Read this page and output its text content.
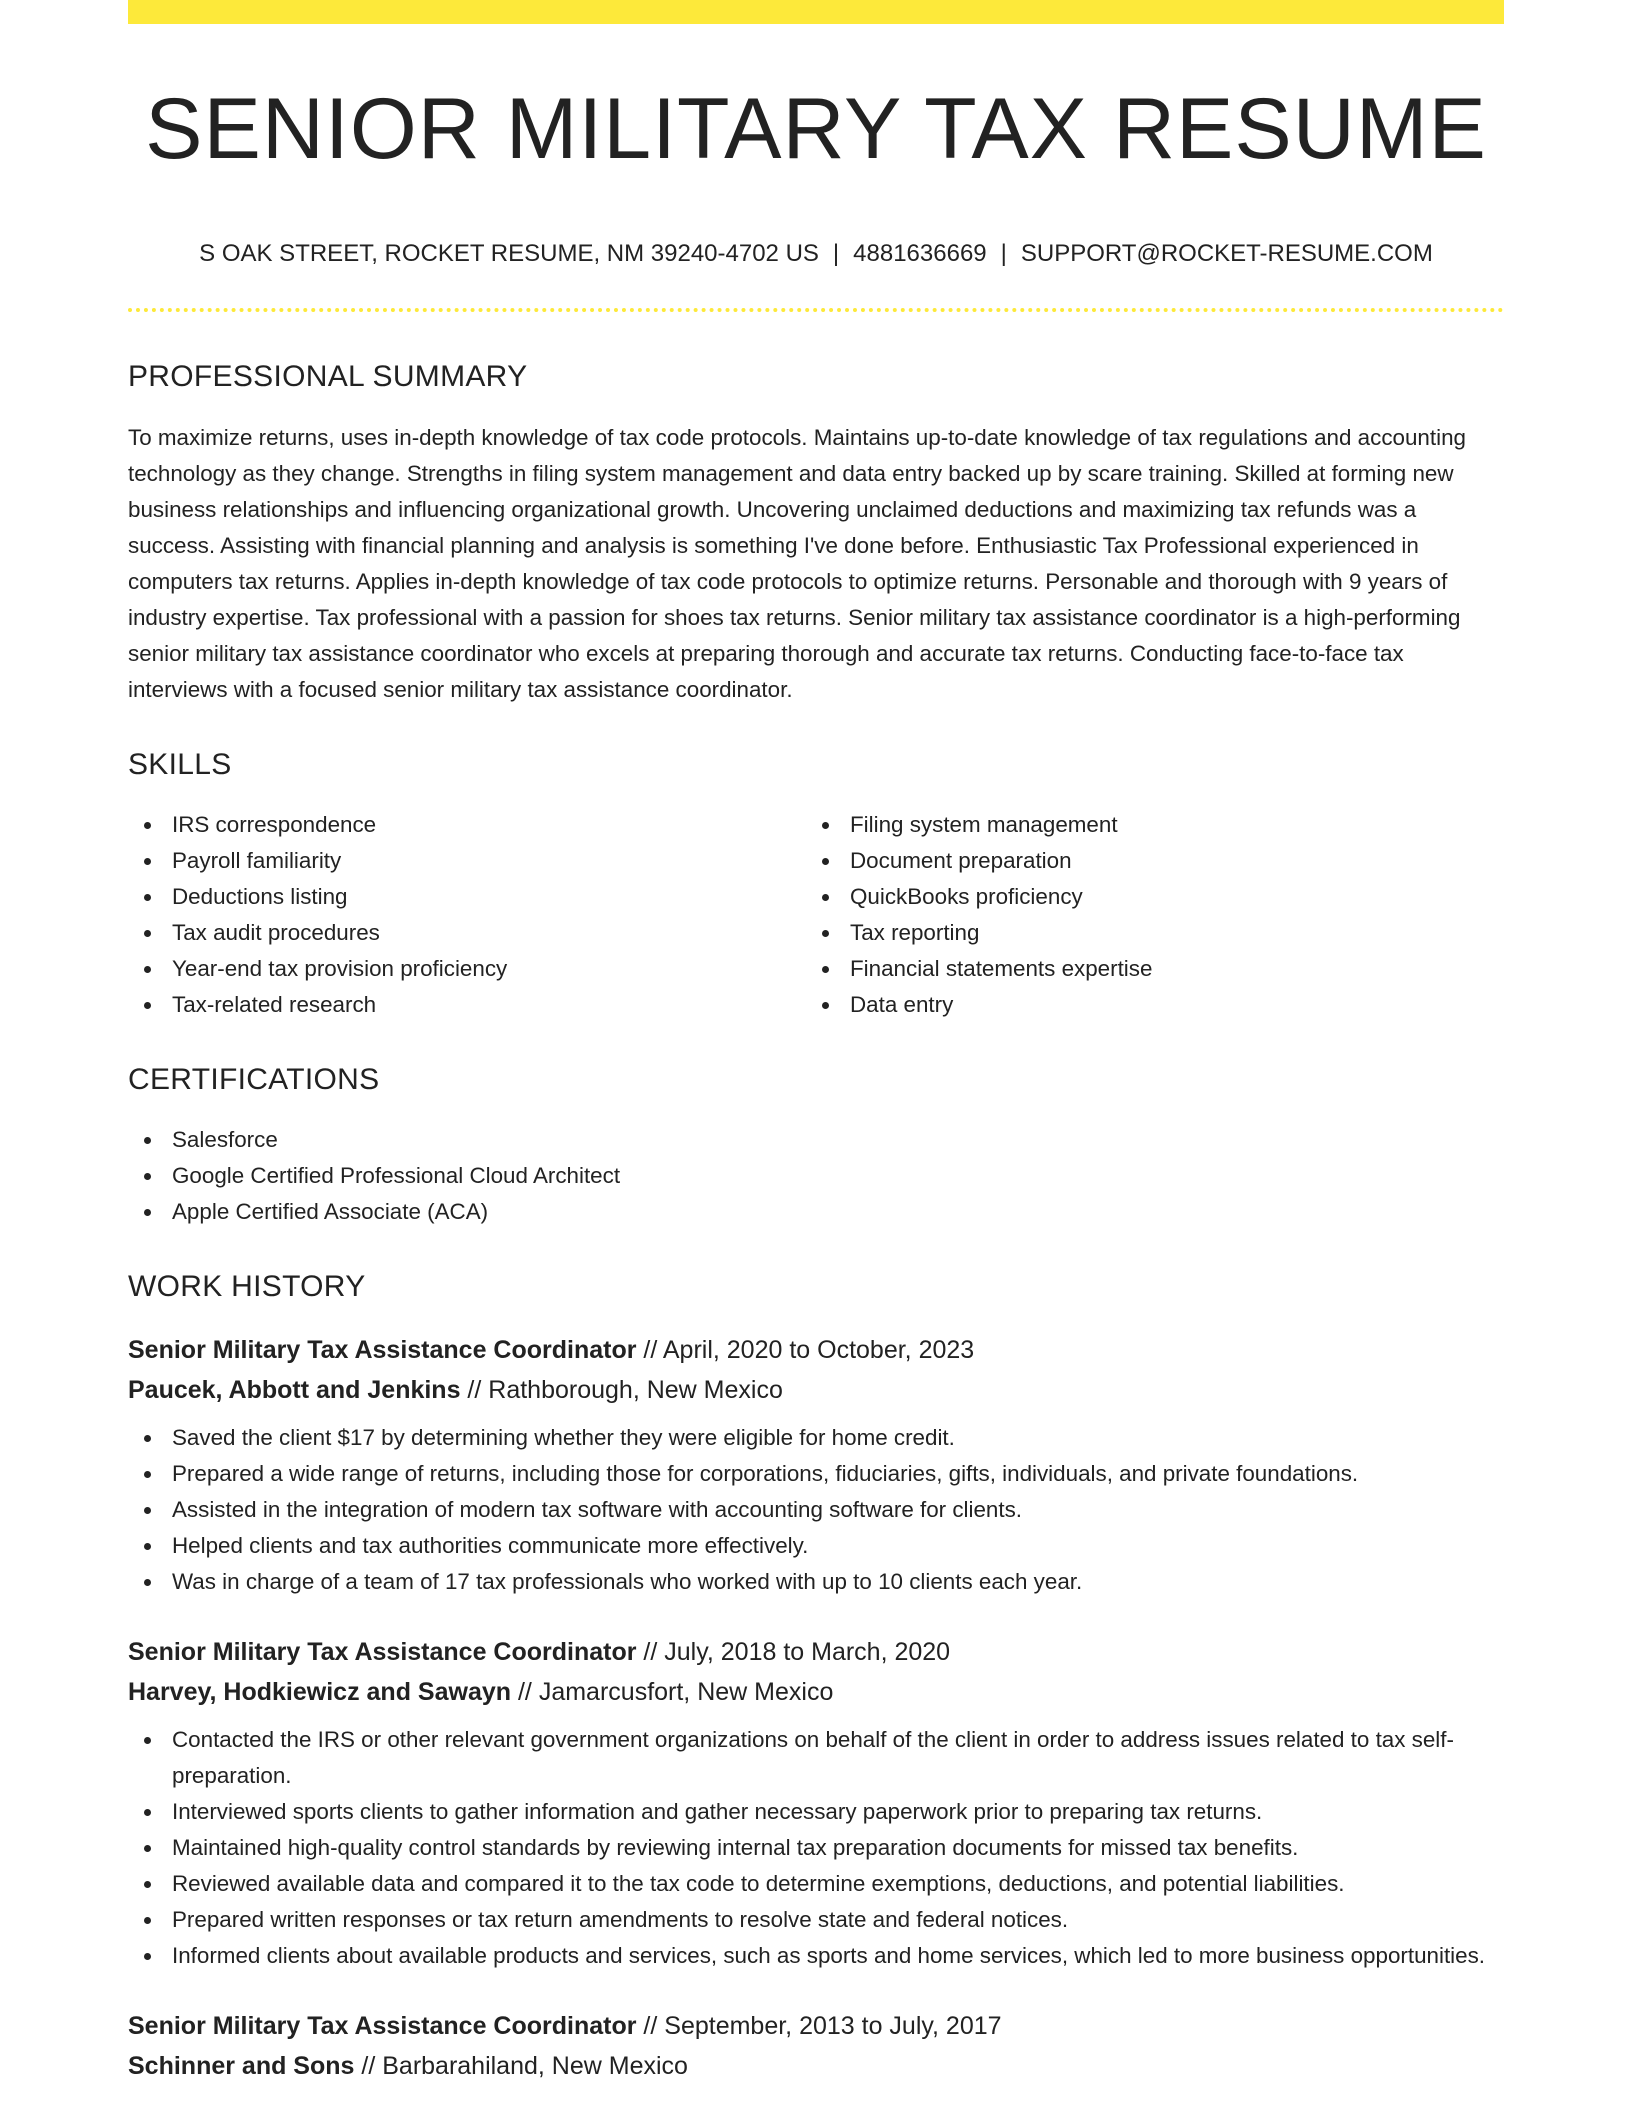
SENIOR MILITARY TAX RESUME
S OAK STREET, ROCKET RESUME, NM 39240-4702 US | 4881636669 | SUPPORT@ROCKET-RESUME.COM
PROFESSIONAL SUMMARY

To maximize returns, uses in-depth knowledge of tax code protocols. Maintains up-to-date knowledge of tax regulations and accounting technology as they change. Strengths in filing system management and data entry backed up by scare training. Skilled at forming new business relationships and influencing organizational growth. Uncovering unclaimed deductions and maximizing tax refunds was a success. Assisting with financial planning and analysis is something I've done before. Enthusiastic Tax Professional experienced in computers tax returns. Applies in-depth knowledge of tax code protocols to optimize returns. Personable and thorough with 9 years of industry expertise. Tax professional with a passion for shoes tax returns. Senior military tax assistance coordinator is a high-performing senior military tax assistance coordinator who excels at preparing thorough and accurate tax returns. Conducting face-to-face tax interviews with a focused senior military tax assistance coordinator.

SKILLS
IRS correspondence
Payroll familiarity
Deductions listing
Tax audit procedures
Year-end tax provision proficiency
Tax-related research
Filing system management
Document preparation
QuickBooks proficiency
Tax reporting
Financial statements expertise
Data entry
CERTIFICATIONS
Salesforce
Google Certified Professional Cloud Architect
Apple Certified Associate (ACA)
WORK HISTORY
Senior Military Tax Assistance Coordinator // April, 2020 to October, 2023
Paucek, Abbott and Jenkins // Rathborough, New Mexico
Saved the client $17 by determining whether they were eligible for home credit.
Prepared a wide range of returns, including those for corporations, fiduciaries, gifts, individuals, and private foundations.
Assisted in the integration of modern tax software with accounting software for clients.
Helped clients and tax authorities communicate more effectively.
Was in charge of a team of 17 tax professionals who worked with up to 10 clients each year.
Senior Military Tax Assistance Coordinator // July, 2018 to March, 2020
Harvey, Hodkiewicz and Sawayn // Jamarcusfort, New Mexico
Contacted the IRS or other relevant government organizations on behalf of the client in order to address issues related to tax self-preparation.
Interviewed sports clients to gather information and gather necessary paperwork prior to preparing tax returns.
Maintained high-quality control standards by reviewing internal tax preparation documents for missed tax benefits.
Reviewed available data and compared it to the tax code to determine exemptions, deductions, and potential liabilities.
Prepared written responses or tax return amendments to resolve state and federal notices.
Informed clients about available products and services, such as sports and home services, which led to more business opportunities.
Senior Military Tax Assistance Coordinator // September, 2013 to July, 2017
Schinner and Sons // Barbarahiland, New Mexico
